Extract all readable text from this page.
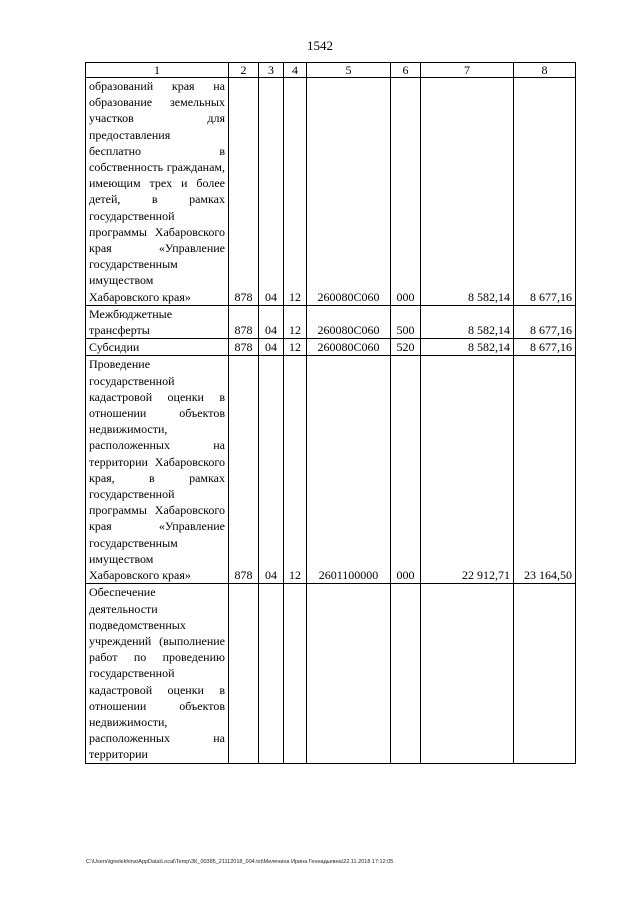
1542
1	2	3	4	5	6	7	8
образований края на образование земельных участков для предоставления бесплатно в собственность гражданам, имеющим трех и более детей, в рамках государственной программы Хабаровского края «Управление государственным имуществом Хабаровского края»	878	04	12	260080С060	000	8 582,14	8 677,16
Межбюджетные трансферты	878	04	12	260080С060	500	8 582,14	8 677,16
Субсидии	878	04	12	260080С060	520	8 582,14	8 677,16
Проведение государственной кадастровой оценки в отношении объектов недвижимости, расположенных на территории Хабаровского края, в рамках государственной программы Хабаровского края «Управление государственным имуществом Хабаровского края»	878	04	12	2601100000	000	22 912,71	23 164,50
Обеспечение деятельности подведомственных учреждений (выполнение работ по проведению государственной кадастровой оценки в отношении объектов недвижимости, расположенных на территории							
C:\Users\ignelekhina\AppData\Local\Temp\ЗК_00385_21112018_004.txt\Меленина Ирина Геннадьевна\22.11.2018 17:12:05
